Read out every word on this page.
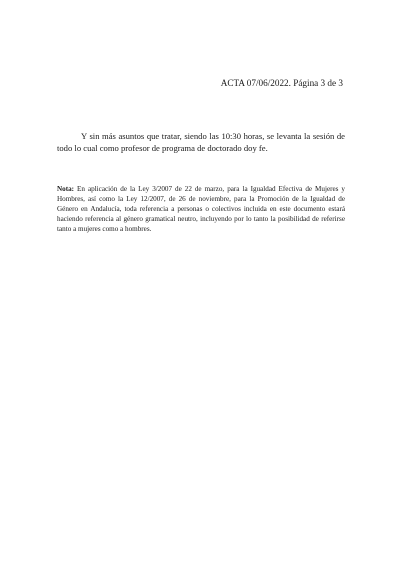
ACTA 07/06/2022. Página 3 de 3

Y sin más asuntos que tratar, siendo las 10:30 horas, se levanta la sesión de todo lo cual como profesor de programa de doctorado doy fe.

Nota: En aplicación de la Ley 3/2007 de 22 de marzo, para la Igualdad Efectiva de Mujeres y Hombres, así como la Ley 12/2007, de 26 de noviembre, para la Promoción de la Igualdad de Género en Andalucía, toda referencia a personas o colectivos incluida en este documento estará haciendo referencia al género gramatical neutro, incluyendo por lo tanto la posibilidad de referirse tanto a mujeres como a hombres.
